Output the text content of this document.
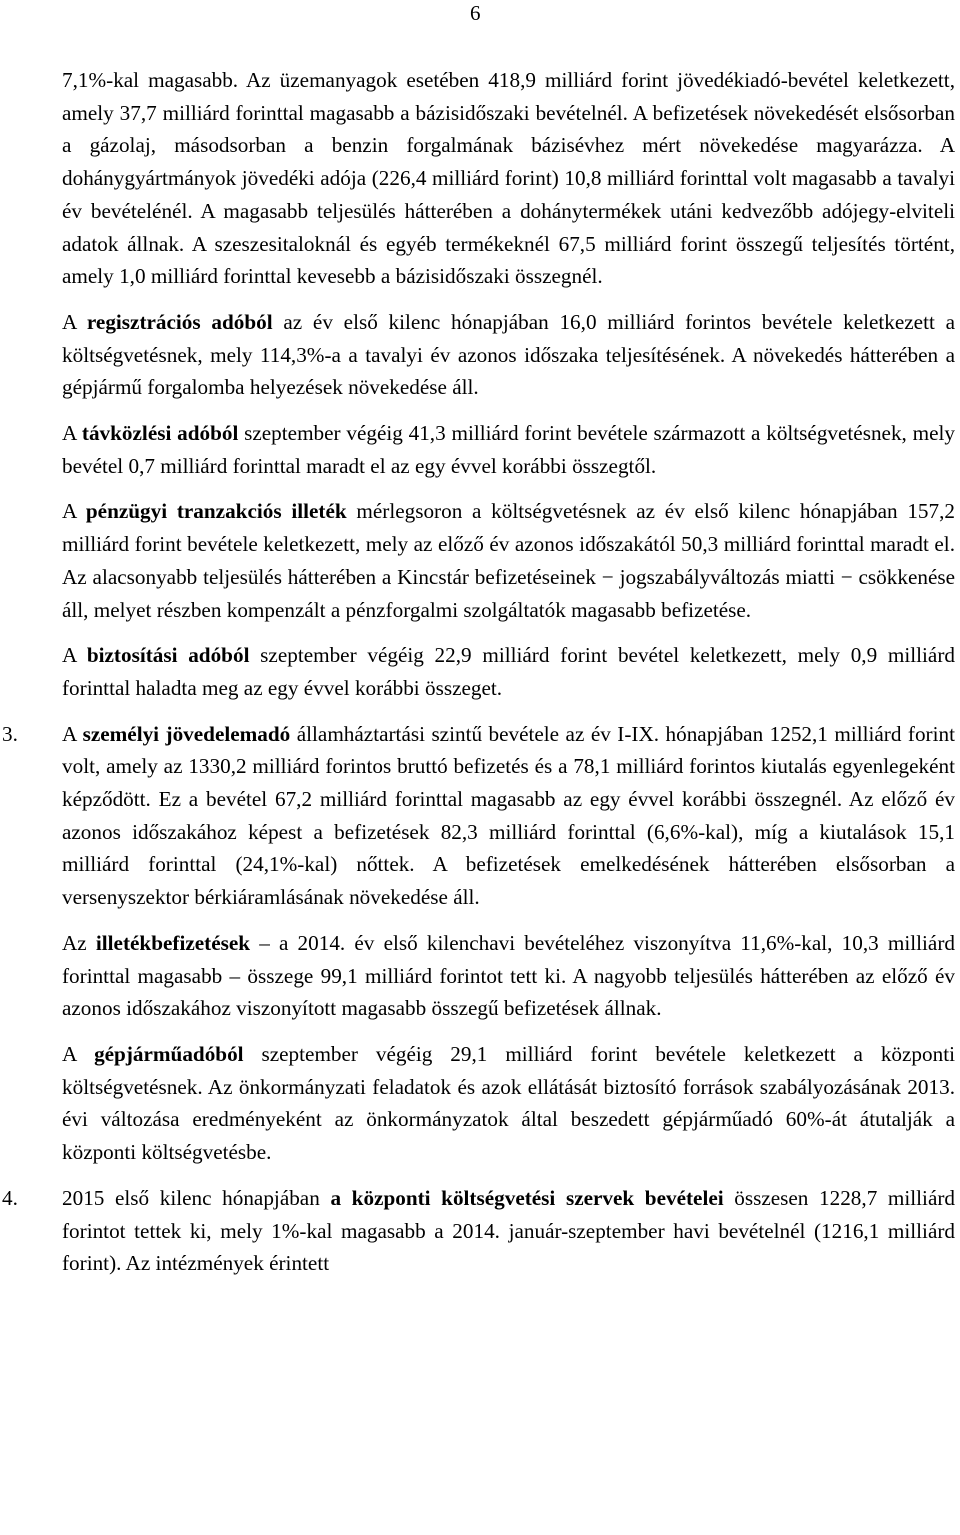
6

7,1%-kal magasabb. Az üzemanyagok esetében 418,9 milliárd forint jövedékiadó-bevétel keletkezett, amely 37,7 milliárd forinttal magasabb a bázisidőszaki bevételnél. A befizetések növekedését elsősorban a gázolaj, másodsorban a benzin forgalmának bázisévhez mért növekedése magyarázza. A dohánygyártmányok jövedéki adója (226,4 milliárd forint) 10,8 milliárd forinttal volt magasabb a tavalyi év bevételénél. A magasabb teljesülés hátterében a dohánytermékek utáni kedvezőbb adójegy-elviteli adatok állnak. A szeszesitaloknál és egyéb termékeknél 67,5 milliárd forint összegű teljesítés történt, amely 1,0 milliárd forinttal kevesebb a bázisidőszaki összegnél.

A regisztrációs adóból az év első kilenc hónapjában 16,0 milliárd forintos bevétele keletkezett a költségvetésnek, mely 114,3%-a a tavalyi év azonos időszaka teljesítésének. A növekedés hátterében a gépjármű forgalomba helyezések növekedése áll.

A távközlési adóból szeptember végéig 41,3 milliárd forint bevétele származott a költségvetésnek, mely bevétel 0,7 milliárd forinttal maradt el az egy évvel korábbi összegtől.

A pénzügyi tranzakciós illeték mérlegsoron a költségvetésnek az év első kilenc hónapjában 157,2 milliárd forint bevétele keletkezett, mely az előző év azonos időszakától 50,3 milliárd forinttal maradt el. Az alacsonyabb teljesülés hátterében a Kincstár befizetéseinek − jogszabályváltozás miatti − csökkenése áll, melyet részben kompenzált a pénzforgalmi szolgáltatók magasabb befizetése.

A biztosítási adóból szeptember végéig 22,9 milliárd forint bevétel keletkezett, mely 0,9 milliárd forinttal haladta meg az egy évvel korábbi összeget.

3. A személyi jövedelemadó államháztartási szintű bevétele az év I-IX. hónapjában 1252,1 milliárd forint volt, amely az 1330,2 milliárd forintos bruttó befizetés és a 78,1 milliárd forintos kiutalás egyenlegeként képződött. Ez a bevétel 67,2 milliárd forinttal magasabb az egy évvel korábbi összegnél. Az előző év azonos időszakához képest a befizetések 82,3 milliárd forinttal (6,6%-kal), míg a kiutalások 15,1 milliárd forinttal (24,1%-kal) nőttek. A befizetések emelkedésének hátterében elsősorban a versenyszektor bérkiáramlásának növekedése áll.

Az illetékbefizetések – a 2014. év első kilenchavi bevételéhez viszonyítva 11,6%-kal, 10,3 milliárd forinttal magasabb – összege 99,1 milliárd forintot tett ki. A nagyobb teljesülés hátterében az előző év azonos időszakához viszonyított magasabb összegű befizetések állnak.

A gépjárműadóból szeptember végéig 29,1 milliárd forint bevétele keletkezett a központi költségvetésnek. Az önkormányzati feladatok és azok ellátását biztosító források szabályozásának 2013. évi változása eredményeként az önkormányzatok által beszedett gépjárműadó 60%-át átutalják a központi költségvetésbe.

4. 2015 első kilenc hónapjában a központi költségvetési szervek bevételei összesen 1228,7 milliárd forintot tettek ki, mely 1%-kal magasabb a 2014. január-szeptember havi bevételnél (1216,1 milliárd forint). Az intézmények érintett
